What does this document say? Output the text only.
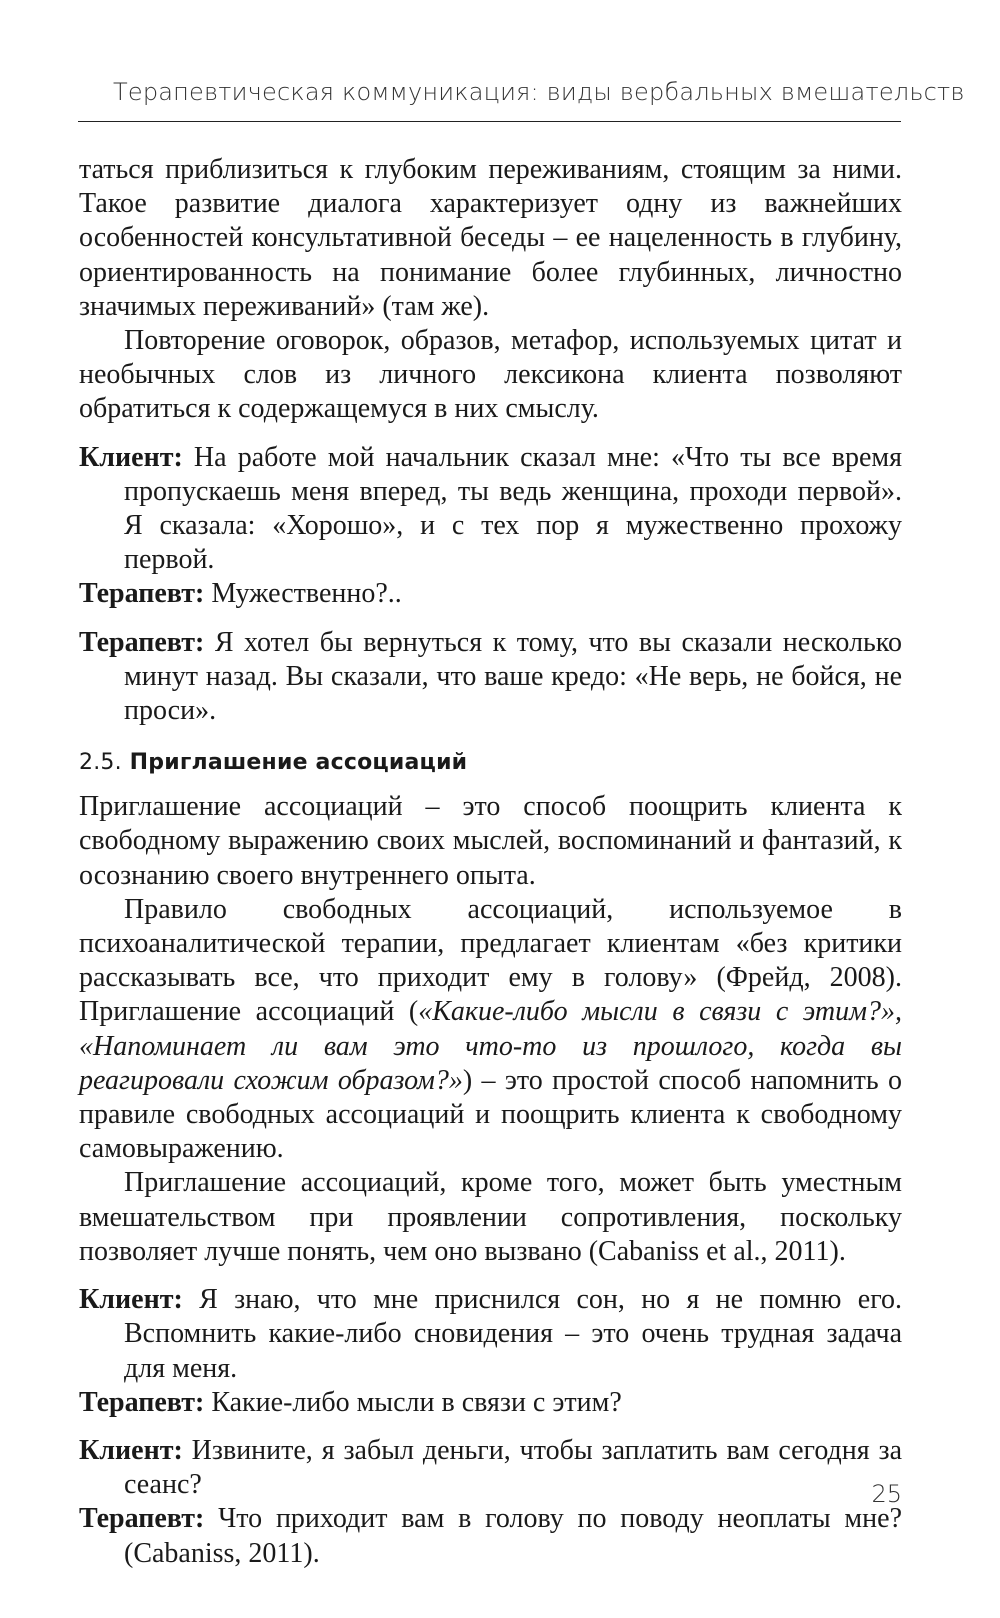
Терапевтическая коммуникация: виды вербальных вмешательств

таться приблизиться к глубоким переживаниям, стоящим за ними. Такое развитие диалога характеризует одну из важнейших особенностей консультативной беседы – ее нацеленность в глубину, ориентированность на понимание более глубинных, личностно значимых переживаний» (там же).

Повторение оговорок, образов, метафор, используемых цитат и необычных слов из личного лексикона клиента позволяют обратиться к содержащемуся в них смыслу.

Клиент: На работе мой начальник сказал мне: «Что ты все время пропускаешь меня вперед, ты ведь женщина, проходи первой». Я сказала: «Хорошо», и с тех пор я мужественно прохожу первой.

Терапевт: Мужественно?..

Терапевт: Я хотел бы вернуться к тому, что вы сказали несколько минут назад. Вы сказали, что ваше кредо: «Не верь, не бойся, не проси».

2.5. Приглашение ассоциаций

Приглашение ассоциаций – это способ поощрить клиента к свободному выражению своих мыслей, воспоминаний и фантазий, к осознанию своего внутреннего опыта.

Правило свободных ассоциаций, используемое в психоаналитической терапии, предлагает клиентам «без критики рассказывать все, что приходит ему в голову» (Фрейд, 2008). Приглашение ассоциаций («Какие-либо мысли в связи с этим?», «Напоминает ли вам это что-то из прошлого, когда вы реагировали схожим образом?») – это простой способ напомнить о правиле свободных ассоциаций и поощрить клиента к свободному самовыражению.

Приглашение ассоциаций, кроме того, может быть уместным вмешательством при проявлении сопротивления, поскольку позволяет лучше понять, чем оно вызвано (Cabaniss et al., 2011).

Клиент: Я знаю, что мне приснился сон, но я не помню его. Вспомнить какие-либо сновидения – это очень трудная задача для меня.

Терапевт: Какие-либо мысли в связи с этим?

Клиент: Извините, я забыл деньги, чтобы заплатить вам сегодня за сеанс?

Терапевт: Что приходит вам в голову по поводу неоплаты мне? (Cabaniss, 2011).

25
